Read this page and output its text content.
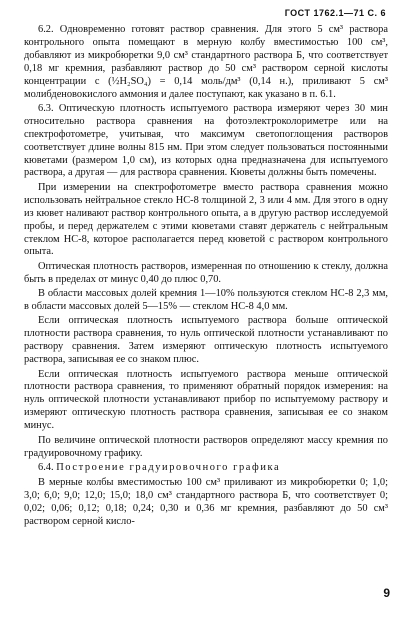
ГОСТ 1762.1—71 С. 6

6.2. Одновременно готовят раствор сравнения. Для этого 5 см³ раствора контрольного опыта помещают в мерную колбу вместимостью 100 см³, добавляют из микробюретки 9,0 см³ стандартного раствора Б, что соответствует 0,18 мг кремния, разбавляют раствор до 50 см³ раствором серной кислоты концентрации с (½H₂SO₄) = 0,14 моль/дм³ (0,14 н.), приливают 5 см³ молибденовокислого аммония и далее поступают, как указано в п. 6.1.

6.3. Оптическую плотность испытуемого раствора измеряют через 30 мин относительно раствора сравнения на фотоэлектроколориметре или на спектрофотометре, учитывая, что максимум светопоглощения растворов соответствует длине волны 815 нм. При этом следует пользоваться постоянными кюветами (размером 1,0 см), из которых одна предназначена для испытуемого раствора, а другая — для раствора сравнения. Кюветы должны быть помечены.

При измерении на спектрофотометре вместо раствора сравнения можно использовать нейтральное стекло НС-8 толщиной 2, 3 или 4 мм. Для этого в одну из кювет наливают раствор контрольного опыта, а в другую раствор исследуемой пробы, и перед держателем с этими кюветами ставят держатель с нейтральным стеклом НС-8, которое располагается перед кюветой с раствором контрольного опыта.

Оптическая плотность растворов, измеренная по отношению к стеклу, должна быть в пределах от минус 0,40 до плюс 0,70.

В области массовых долей кремния 1—10% пользуются стеклом НС-8 2,3 мм, в области массовых долей 5—15% — стеклом НС-8 4,0 мм.

Если оптическая плотность испытуемого раствора больше оптической плотности раствора сравнения, то нуль оптической плотности устанавливают по раствору сравнения. Затем измеряют оптическую плотность испытуемого раствора, записывая ее со знаком плюс.

Если оптическая плотность испытуемого раствора меньше оптической плотности раствора сравнения, то применяют обратный порядок измерения: на нуль оптической плотности устанавливают прибор по испытуемому раствору и измеряют оптическую плотность раствора сравнения, записывая ее со знаком минус.

По величине оптической плотности растворов определяют массу кремния по градуировочному графику.

6.4. Построение градуировочного графика

В мерные колбы вместимостью 100 см³ приливают из микробюретки 0; 1,0; 3,0; 6,0; 9,0; 12,0; 15,0; 18,0 см³ стандартного раствора Б, что соответствует 0; 0,02; 0,06; 0,12; 0,18; 0,24; 0,30 и 0,36 мг кремния, разбавляют до 50 см³ раствором серной кисло-

9
